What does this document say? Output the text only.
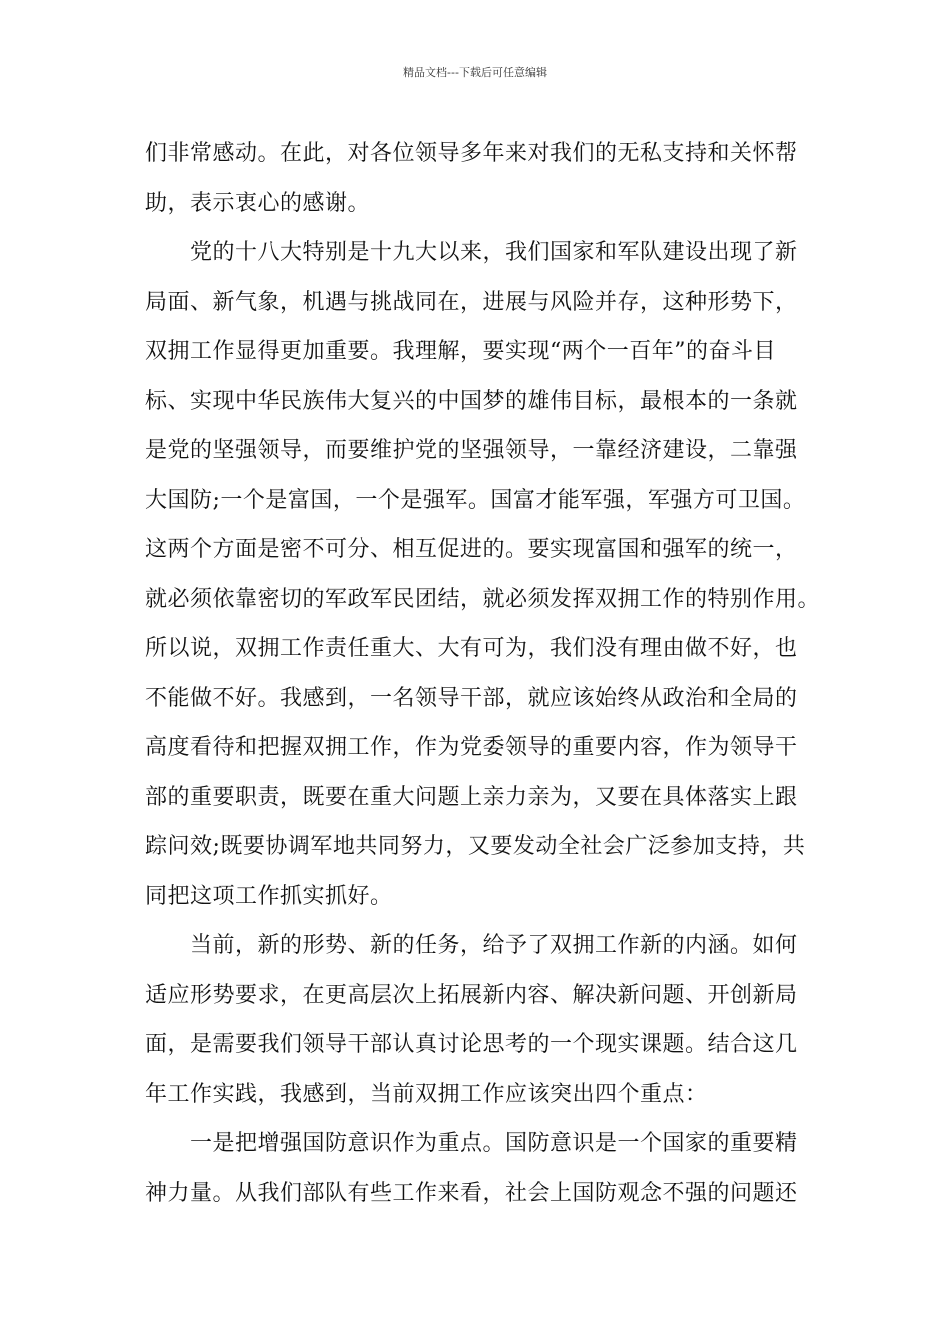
精品文档---下载后可任意编辑
们非常感动。在此，对各位领导多年来对我们的无私支持和关怀帮
助，表示衷心的感谢。
党的十八大特别是十九大以来，我们国家和军队建设出现了新
局面、新气象，机遇与挑战同在，进展与风险并存，这种形势下，
双拥工作显得更加重要。我理解，要实现“两个一百年”的奋斗目
标、实现中华民族伟大复兴的中国梦的雄伟目标，最根本的一条就
是党的坚强领导，而要维护党的坚强领导，一靠经济建设，二靠强
大国防;一个是富国，一个是强军。国富才能军强，军强方可卫国。
这两个方面是密不可分、相互促进的。要实现富国和强军的统一，
就必须依靠密切的军政军民团结，就必须发挥双拥工作的特别作用。
所以说，双拥工作责任重大、大有可为，我们没有理由做不好，也
不能做不好。我感到，一名领导干部，就应该始终从政治和全局的
高度看待和把握双拥工作，作为党委领导的重要内容，作为领导干
部的重要职责，既要在重大问题上亲力亲为，又要在具体落实上跟
踪问效;既要协调军地共同努力，又要发动全社会广泛参加支持，共
同把这项工作抓实抓好。
当前，新的形势、新的任务，给予了双拥工作新的内涵。如何
适应形势要求，在更高层次上拓展新内容、解决新问题、开创新局
面，是需要我们领导干部认真讨论思考的一个现实课题。结合这几
年工作实践，我感到，当前双拥工作应该突出四个重点：
一是把增强国防意识作为重点。国防意识是一个国家的重要精
神力量。从我们部队有些工作来看，社会上国防观念不强的问题还
